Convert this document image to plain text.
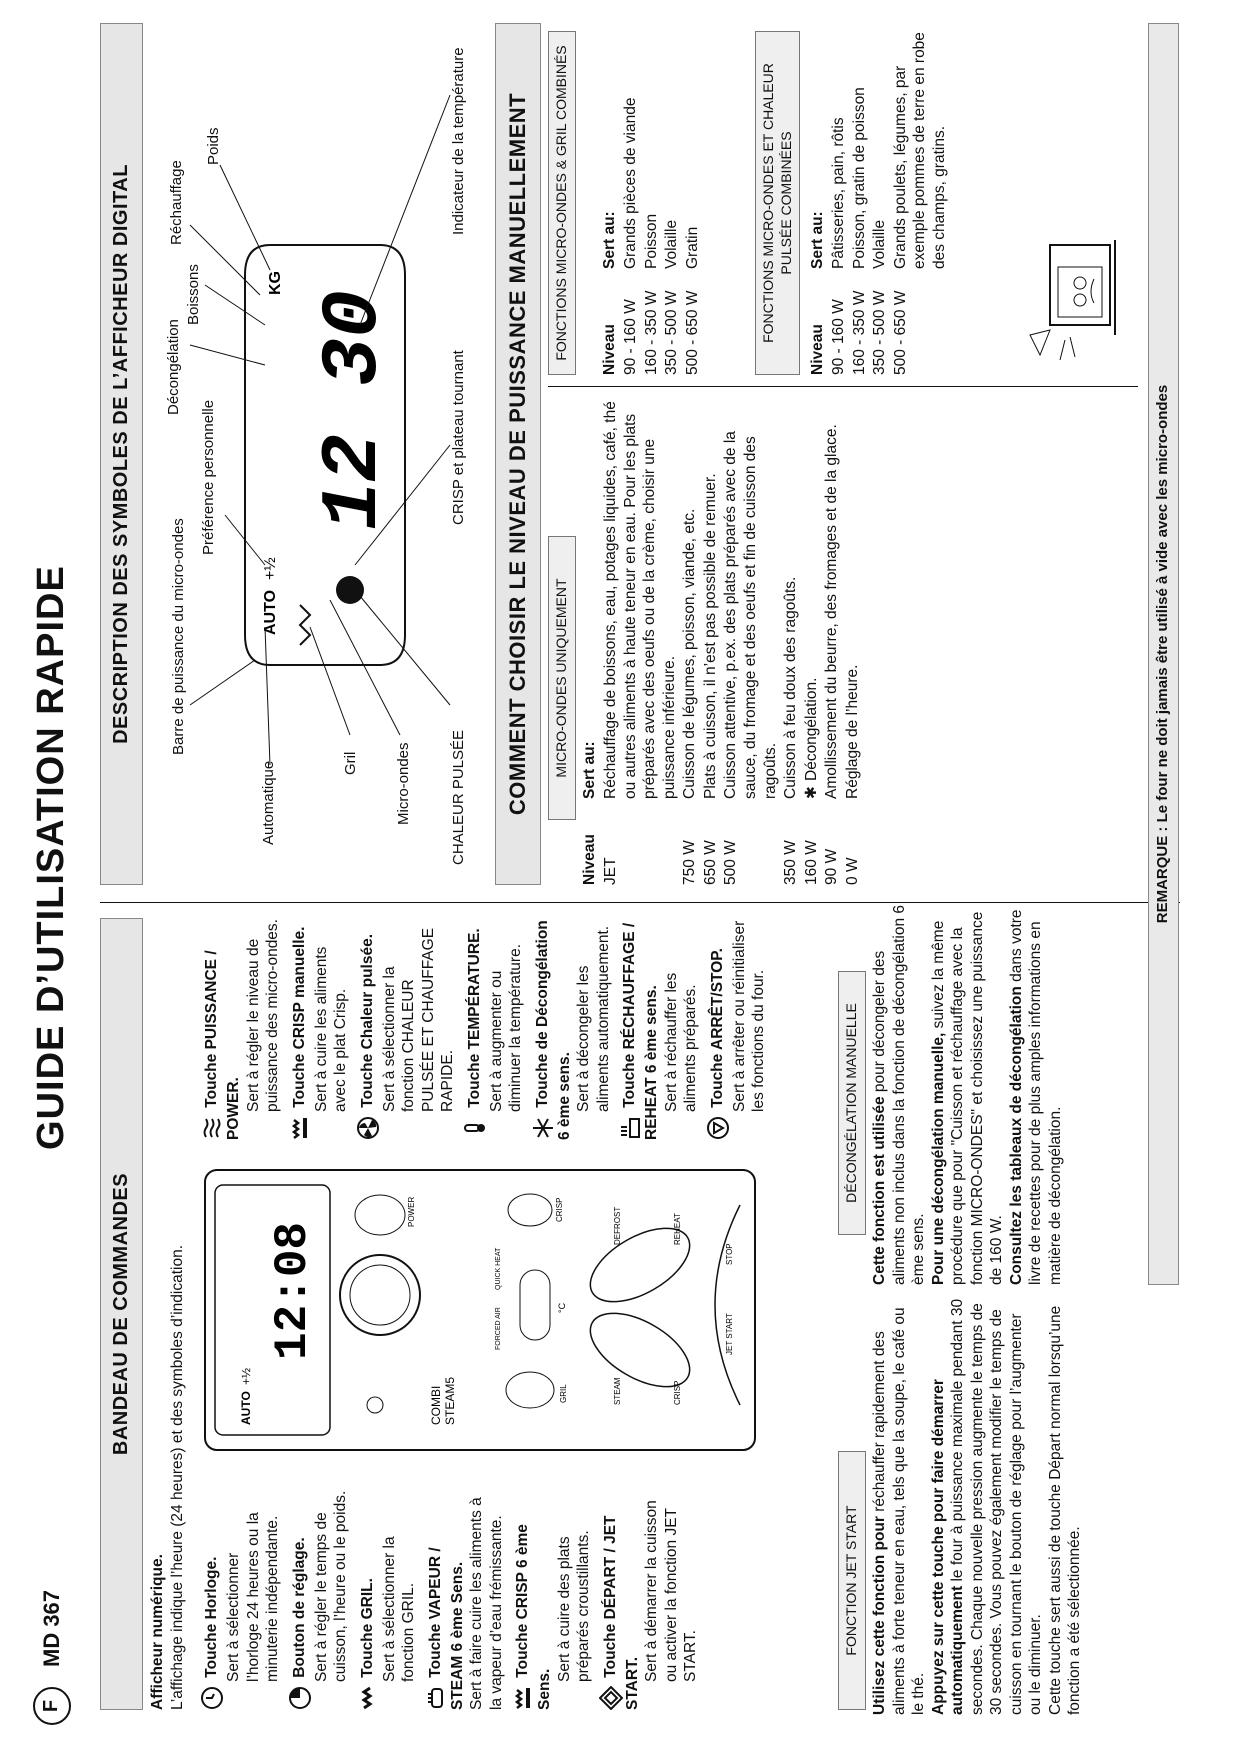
F
MD 367
GUIDE D’UTILISATION RAPIDE
BANDEAU DE COMMANDES
Afficheur numérique. L’affichage indique l’heure (24 heures) et des symboles d’indication. Touche Horloge. Sert à sélectionner l’horloge 24 heures ou la minuterie indépendante. Bouton de réglage. Sert à régler le temps de cuisson, l’heure ou le poids. Touche GRIL. Sert à sélectionner la fonction GRIL. Touche VAPEUR / STEAM 6 ème Sens. Sert à faire cuire les aliments à la vapeur d’eau frémissante. Touche CRISP 6 ème Sens.
Sert à cuire des plats préparés croustillants. Touche DÉPART / JET START.
Sert à démarrer la cuisson ou activer la fonction JET START.
AUTO
+½
12:08
COMBI STEAM5
POWER
GRIL
CRISP
FORCED AIR
QUICK HEAT
°C
STEAM	CRISP
DEFROST	REHEAT
JET START
STOP
Touche PUISSANCE / POWER. Sert à régler le niveau de puissance des micro-ondes. Touche CRISP manuelle. Sert à cuire les aliments avec le plat Crisp. Touche Chaleur pulsée. Sert à sélectionner la fonction CHALEUR PULSÉE ET CHAUFFAGE RAPIDE. Touche TEMPÉRATURE. Sert à augmenter ou diminuer la température. Touche de Décongélation 6 ème sens. Sert à décongeler les aliments automatiquement. Touche RÉCHAUFFAGE / REHEAT 6 ème sens. Sert à réchauffer les aliments préparés. Touche ARRÊT/STOP. Sert à arrêter ou réinitialiser les fonctions du four.
FONCTION JET START Utilisez cette fonction pour réchauffer rapidement des aliments à forte teneur en eau, tels que la soupe, le café ou le thé. Appuyez sur cette touche pour faire démarrer automatiquement le four à puissance maximale pendant 30 secondes. Chaque nouvelle pression augmente le temps de 30 secondes. Vous pouvez également modifier le temps de cuisson en tournant le bouton de réglage pour l’augmenter ou le diminuer. Cette touche sert aussi de touche Départ normal lorsqu’une fonction a été sélectionnée.
DÉCONGÉLATION MANUELLE Cette fonction est utilisée pour décongeler des aliments non inclus dans la fonction de décongélation 6 ème sens. Pour une décongélation manuelle, suivez la même procédure que pour "Cuisson et réchauffage avec la fonction MICRO-ONDES" et choisissez une puissance de 160 W. Consultez les tableaux de décongélation dans votre livre de recettes pour de plus amples informations en matière de décongélation.
REMARQUE : Le four ne doit jamais être utilisé à vide avec les micro-ondes
DESCRIPTION DES SYMBOLES DE L’AFFICHEUR DIGITAL	AUTO
+½
12 30
KG
Barre de puissance du micro-ondes
Automatique	Gril Micro-ondes	CHALEUR PULSÉE
Préférence personnelle	CRISP et plateau tournant
Décongélation
Boissons
Réchauffage
Poids	Indicateur de la température	COMMENT CHOISIR LE NIVEAU DE PUISSANCE MANUELLEMENT	MICRO-ONDES UNIQUEMENT
Niveau	Sert au:
JET	Réchauffage de boissons, eau, potages liquides, café, thé ou autres aliments à haute teneur en eau. Pour les plats préparés avec des oeufs ou de la crème, choisir une puissance inférieure.
750 W	Cuisson de légumes, poisson, viande, etc.
650 W	Plats à cuisson, il n’est pas possible de remuer.
500 W	Cuisson attentive, p.ex. des plats préparés avec de la sauce, du fromage et des oeufs et fin de cuisson des ragoûts.
350 W	Cuisson à feu doux des ragoûts.
160 W	✱Décongélation.
90 W	Amollissement du beurre, des fromages et de la glace.
0 W	Réglage de l’heure.
FONCTIONS MICRO-ONDES & GRIL COMBINÉS	Niveau	Sert au:
90 - 160 W	Grands pièces de viande
160 - 350 W	Poisson
350 - 500 W	Volaille
500 - 650 W	Gratin	FONCTIONS MICRO-ONDES ET CHALEUR PULSÉE COMBINÉES
Niveau	Sert au:
90 - 160 W	Pâtisseries, pain, rôtis
160 - 350 W	Poisson, gratin de poisson
350 - 500 W	Volaille
500 - 650 W	Grands poulets, légumes, par exemple pommes de terre en robe des champs, gratins.
